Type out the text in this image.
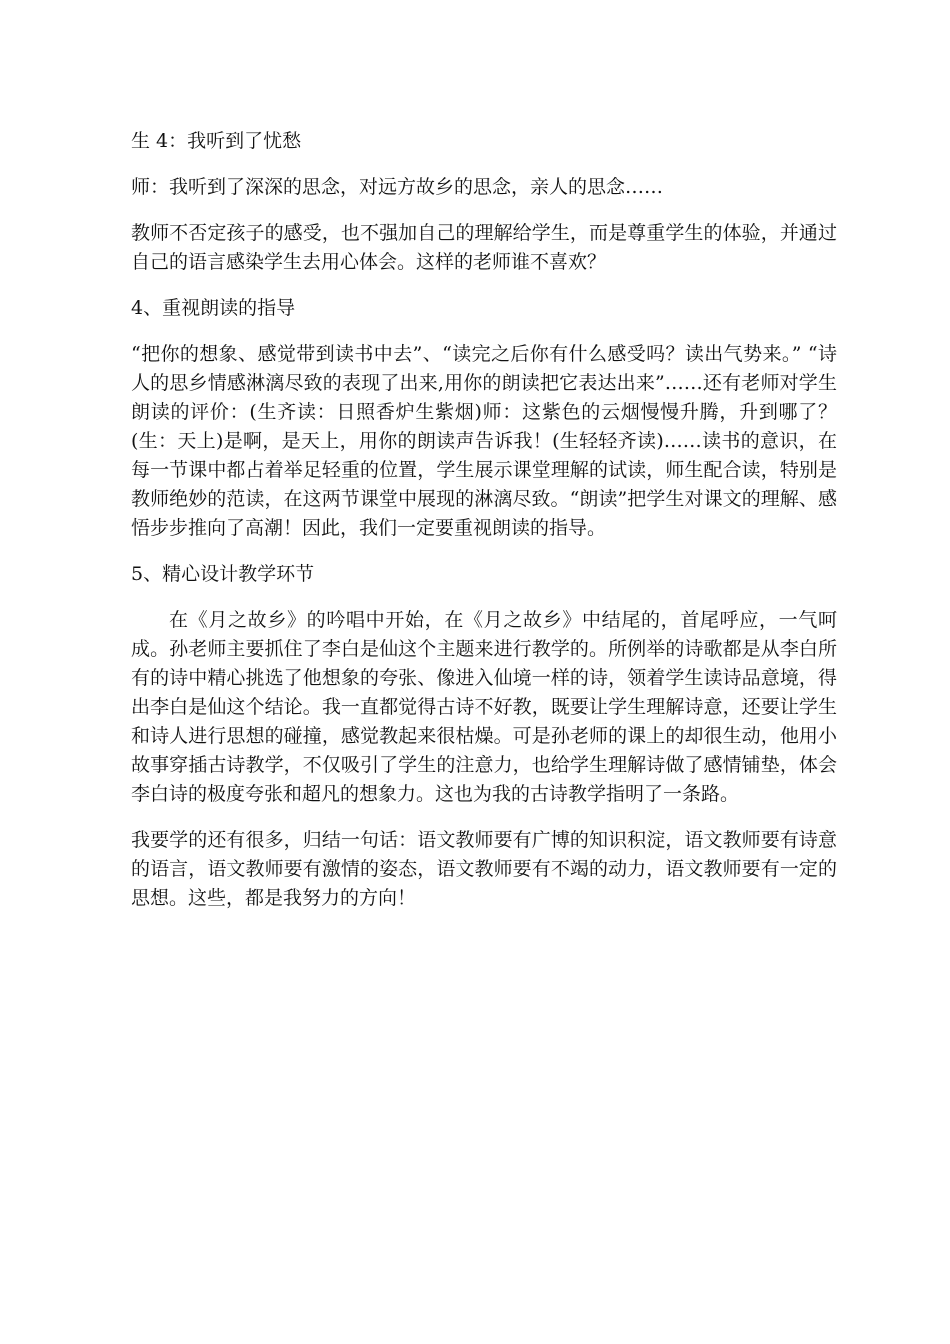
生 4：我听到了忧愁

师：我听到了深深的思念，对远方故乡的思念，亲人的思念……

教师不否定孩子的感受，也不强加自己的理解给学生，而是尊重学生的体验，并通过自己的语言感染学生去用心体会。这样的老师谁不喜欢？

4、重视朗读的指导

“把你的想象、感觉带到读书中去”、“读完之后你有什么感受吗？读出气势来。” “诗人的思乡情感淋漓尽致的表现了出来,用你的朗读把它表达出来”……还有老师对学生朗读的评价：(生齐读：日照香炉生紫烟)师：这紫色的云烟慢慢升腾，升到哪了？(生：天上)是啊，是天上，用你的朗读声告诉我！(生轻轻齐读)……读书的意识，在每一节课中都占着举足轻重的位置，学生展示课堂理解的试读，师生配合读，特别是教师绝妙的范读，在这两节课堂中展现的淋漓尽致。“朗读”把学生对课文的理解、感悟步步推向了高潮！因此，我们一定要重视朗读的指导。

5、精心设计教学环节

在《月之故乡》的吟唱中开始，在《月之故乡》中结尾的，首尾呼应，一气呵成。孙老师主要抓住了李白是仙这个主题来进行教学的。所例举的诗歌都是从李白所有的诗中精心挑选了他想象的夸张、像进入仙境一样的诗，领着学生读诗品意境，得出李白是仙这个结论。我一直都觉得古诗不好教，既要让学生理解诗意，还要让学生和诗人进行思想的碰撞，感觉教起来很枯燥。可是孙老师的课上的却很生动，他用小故事穿插古诗教学，不仅吸引了学生的注意力，也给学生理解诗做了感情铺垫，体会李白诗的极度夸张和超凡的想象力。这也为我的古诗教学指明了一条路。

我要学的还有很多，归结一句话：语文教师要有广博的知识积淀，语文教师要有诗意的语言，语文教师要有激情的姿态，语文教师要有不竭的动力，语文教师要有一定的思想。这些，都是我努力的方向！
